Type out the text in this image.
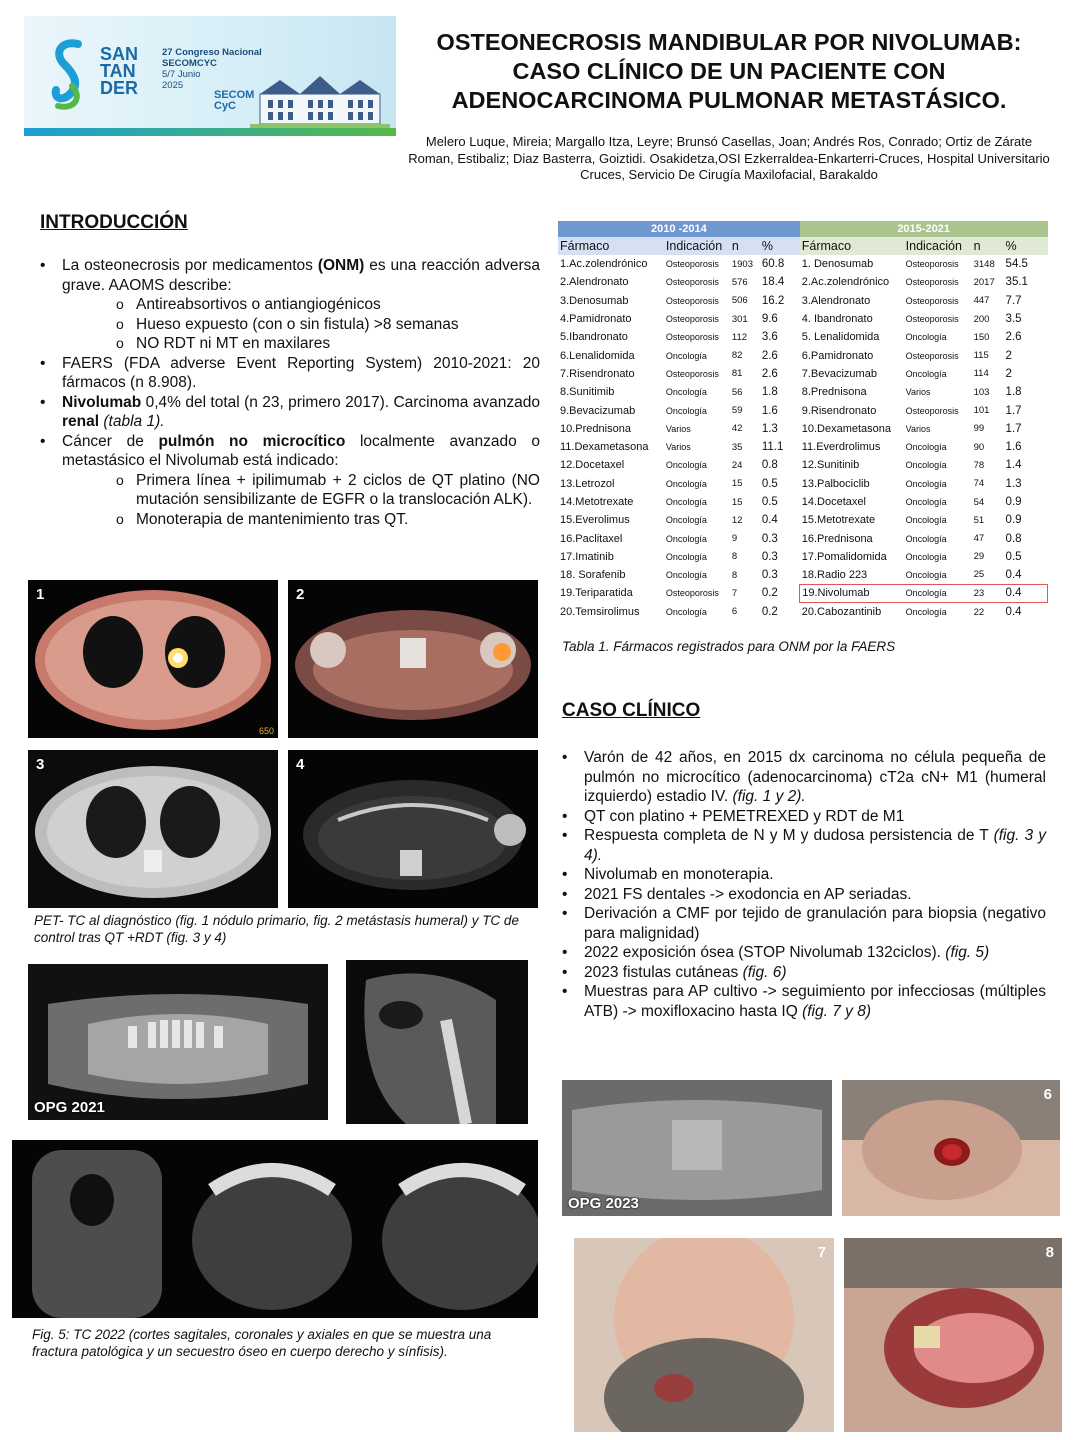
SAN
TAN
DER
27 Congreso Nacional
SECOMCYC
5/7 Junio
2025
SECOM
CyC
OSTEONECROSIS MANDIBULAR POR NIVOLUMAB:
CASO CLÍNICO DE UN PACIENTE CON
ADENOCARCINOMA PULMONAR METASTÁSICO.
Melero Luque, Mireia; Margallo Itza, Leyre; Brunsó Casellas, Joan; Andrés Ros, Conrado; Ortiz de Zárate Roman, Estibaliz; Diaz Basterra, Goiztidi. Osakidetza,OSI Ezkerraldea-Enkarterri-Cruces, Hospital Universitario Cruces, Servicio De Cirugía Maxilofacial, Barakaldo
INTRODUCCIÓN
• La osteonecrosis por medicamentos (ONM) es una reacción adversa grave. AAOMS describe:
o Antireabsortivos o antiangiogénicos
o Hueso expuesto (con o sin fistula) >8 semanas
o NO RDT ni MT en maxilares
• FAERS (FDA adverse Event Reporting System) 2010-2021: 20 fármacos (n 8.908).
• Nivolumab 0,4% del total (n 23, primero 2017). Carcinoma avanzado renal (tabla 1).
• Cáncer de pulmón no microcítico localmente avanzado o metastásico el Nivolumab está indicado:
o Primera línea + ipilimumab + 2 ciclos de QT platino (NO mutación sensibilizante de EGFR o la translocación ALK).
o Monoterapia de mantenimiento tras QT.
2010 -2014				2015-2021			
Fármaco	Indicación	n	%	Fármaco	Indicación	n	%
1.Ac.zolendrónico	Osteoporosis	1903	60.8	1. Denosumab	Osteoporosis	3148	54.5
2.Alendronato	Osteoporosis	576	18.4	2.Ac.zolendrónico	Osteoporosis	2017	35.1
3.Denosumab	Osteoporosis	506	16.2	3.Alendronato	Osteoporosis	447	7.7
4.Pamidronato	Osteoporosis	301	9.6	4. Ibandronato	Osteoporosis	200	3.5
5.Ibandronato	Osteoporosis	112	3.6	5. Lenalidomida	Oncología	150	2.6
6.Lenalidomida	Oncología	82	2.6	6.Pamidronato	Osteoporosis	115	2
7.Risendronato	Osteoporosis	81	2.6	7.Bevacizumab	Oncología	114	2
8.Sunitimib	Oncología	56	1.8	8.Prednisona	Varios	103	1.8
9.Bevacizumab	Oncología	59	1.6	9.Risendronato	Osteoporosis	101	1.7
10.Prednisona	Varios	42	1.3	10.Dexametasona	Varios	99	1.7
11.Dexametasona	Varios	35	11.1	11.Everdrolimus	Oncología	90	1.6
12.Docetaxel	Oncología	24	0.8	12.Sunitinib	Oncología	78	1.4
13.Letrozol	Oncología	15	0.5	13.Palbociclib	Oncología	74	1.3
14.Metotrexate	Oncología	15	0.5	14.Docetaxel	Oncología	54	0.9
15.Everolimus	Oncología	12	0.4	15.Metotrexate	Oncología	51	0.9
16.Paclitaxel	Oncología	9	0.3	16.Prednisona	Oncología	47	0.8
17.Imatinib	Oncología	8	0.3	17.Pomalidomida	Oncología	29	0.5
18. Sorafenib	Oncología	8	0.3	18.Radio 223	Oncología	25	0.4
19.Teriparatida	Osteoporosis	7	0.2	19.Nivolumab	Oncología	23	0.4
20.Temsirolimus	Oncología	6	0.2	20.Cabozantinib	Oncología	22	0.4
Tabla 1. Fármacos registrados para ONM por la FAERS
CASO CLÍNICO
• Varón de 42 años, en 2015 dx carcinoma no célula pequeña de pulmón no microcítico (adenocarcinoma) cT2a cN+ M1 (humeral izquierdo) estadio IV. (fig. 1 y 2).
• QT con platino + PEMETREXED y RDT de M1
• Respuesta completa de N y M y dudosa persistencia de T (fig. 3 y 4).
• Nivolumab en monoterapia.
• 2021 FS dentales -> exodoncia en AP seriadas.
• Derivación a CMF por tejido de granulación para biopsia (negativo para malignidad)
• 2022 exposición ósea (STOP Nivolumab 132ciclos). (fig. 5)
• 2023 fistulas cutáneas (fig. 6)
• Muestras para AP cultivo -> seguimiento por infecciosas (múltiples ATB) -> moxifloxacino hasta IQ (fig. 7 y 8)
1
650
2
3	4
PET- TC al diagnóstico (fig. 1 nódulo primario, fig. 2 metástasis humeral) y TC de control tras QT +RDT (fig. 3 y 4)
OPG 2021
Fig. 5: TC 2022 (cortes sagitales, coronales y axiales en que se muestra una fractura patológica y un secuestro óseo en cuerpo derecho y sínfisis).
OPG 2023
6
7	8
